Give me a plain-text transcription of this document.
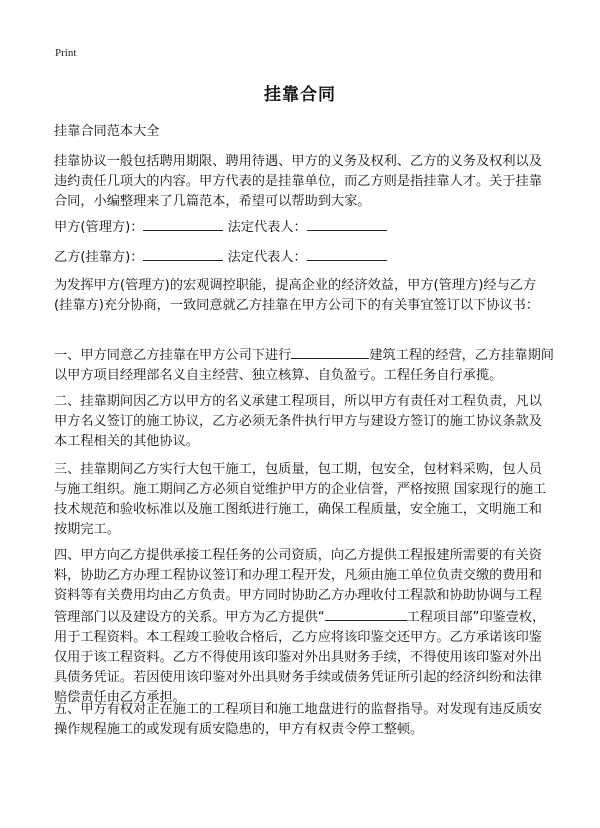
Print
挂靠合同

挂靠合同范本大全

挂靠协议一般包括聘用期限、聘用待遇、甲方的义务及权利、乙方的义务及权利以及违约责任几项大的内容。甲方代表的是挂靠单位，而乙方则是指挂靠人才。关于挂靠合同，小编整理来了几篇范本，希望可以帮助到大家。

甲方(管理方)：	法定代表人：
乙方(挂靠方)：	法定代表人：

为发挥甲方(管理方)的宏观调控职能，提高企业的经济效益，甲方(管理方)经与乙方(挂靠方)充分协商，一致同意就乙方挂靠在甲方公司下的有关事宜签订以下协议书：

一、甲方同意乙方挂靠在甲方公司下进行	建筑工程的经营，乙方挂靠期间以甲方项目经理部名义自主经营、独立核算、自负盈亏。工程任务自行承揽。

二、挂靠期间因乙方以甲方的名义承建工程项目，所以甲方有责任对工程负责，凡以甲方名义签订的施工协议，乙方必须无条件执行甲方与建设方签订的施工协议条款及本工程相关的其他协议。

三、挂靠期间乙方实行大包干施工，包质量，包工期，包安全，包材料采购，包人员与施工组织。施工期间乙方必须自觉维护甲方的企业信誉，严格按照 国家现行的施工技术规范和验收标准以及施工图纸进行施工，确保工程质量，安全施工，文明施工和按期完工。

四、甲方向乙方提供承接工程任务的公司资质，向乙方提供工程报建所需要的有关资料，协助乙方办理工程协议签订和办理工程开发，凡须由施工单位负责交缴的费用和资料等有关费用均由乙方负责。甲方同时协助乙方办理收付工程款和协助协调与工程管理部门以及建设方的关系。甲方为乙方提供“	工程项目部”印鉴壹枚，用于工程资料。本工程竣工验收合格后，乙方应将该印鉴交还甲方。乙方承诺该印鉴仅用于该工程资料。乙方不得使用该印鉴对外出具财务手续，不得使用该印鉴对外出具债务凭证。若因使用该印鉴对外出具财务手续或债务凭证所引起的经济纠纷和法律赔偿责任由乙方承担。

五、甲方有权对正在施工的工程项目和施工地盘进行的监督指导。对发现有违反质安操作规程施工的或发现有质安隐患的，甲方有权责令停工整顿。
